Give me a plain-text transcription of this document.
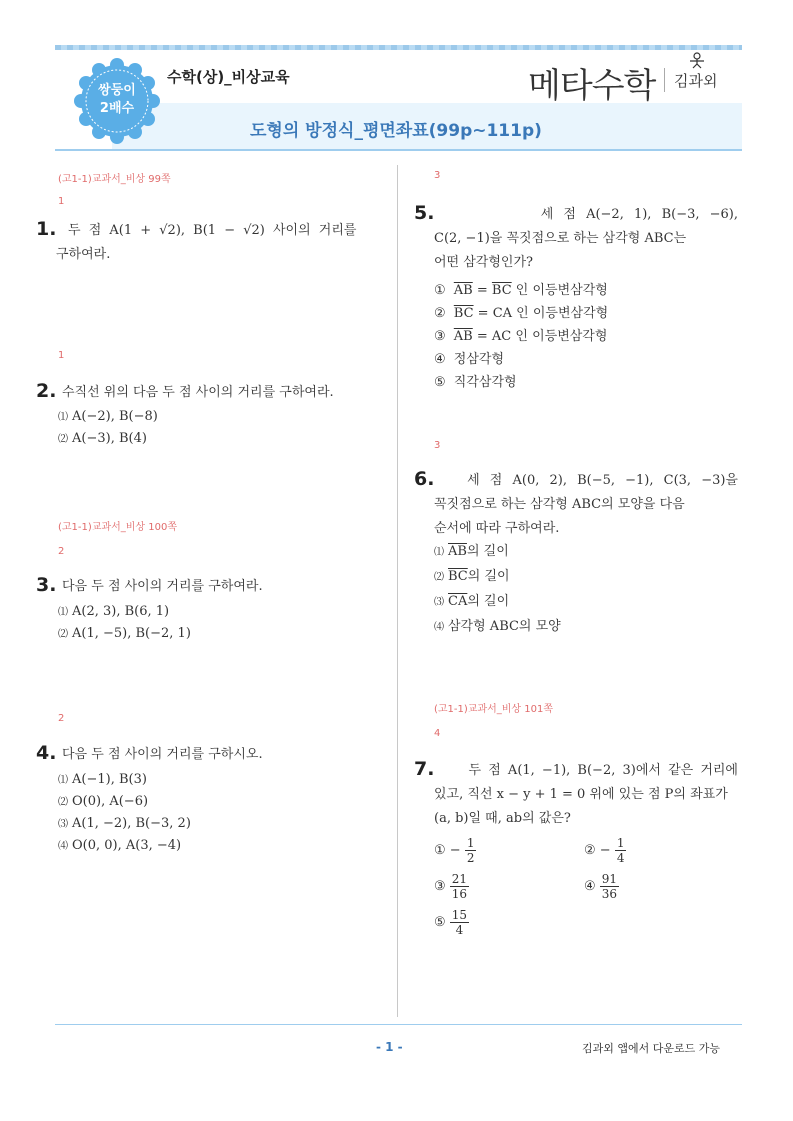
쌍둥이
2배수
수학(상)_비상교육
도형의 방정식_평면좌표(99p~111p)
메타수학 김과외
(고1-1)교과서_비상 99쪽
1
1. 두 점 A(1 + √2), B(1 − √2) 사이의 거리를
구하여라.
1
2. 수직선 위의 다음 두 점 사이의 거리를 구하여라.
⑴ A(−2), B(−8)
⑵ A(−3), B(4)
(고1-1)교과서_비상 100쪽
2
3. 다음 두 점 사이의 거리를 구하여라.
⑴ A(2, 3), B(6, 1)
⑵ A(1, −5), B(−2, 1)
2
4. 다음 두 점 사이의 거리를 구하시오.
⑴ A(−1), B(3)
⑵ O(0), A(−6)
⑶ A(1, −2), B(−3, 2)
⑷ O(0, 0), A(3, −4)
3
5.	세 점 A(−2, 1), B(−3, −6),
C(2, −1)을 꼭짓점으로 하는 삼각형 ABC는
어떤 삼각형인가?
① $\overline{AB} = \overline{BC}$ 인 이등변삼각형
② $\overline{BC}$ = CA 인 이등변삼각형
③ $\overline{AB}$ = AC 인 이등변삼각형
④ 정삼각형
⑤ 직각삼각형
3
6.	세 점 A(0, 2), B(−5, −1), C(3, −3)을
꼭짓점으로 하는 삼각형 ABC의 모양을 다음
순서에 따라 구하여라.
⑴ $\overline{AB}$의 길이
⑵ $\overline{BC}$의 길이
⑶ $\overline{CA}$의 길이
⑷ 삼각형 ABC의 모양
(고1-1)교과서_비상 101쪽
4
7.	두 점 A(1, −1), B(−2, 3)에서 같은 거리에
있고, 직선 x − y + 1 = 0 위에 있는 점 P의 좌표가
(a, b)일 때, ab의 값은?
① − $\frac{1}{2}$	② − $\frac{1}{4}$
③ $\frac{21}{16}$	④ $\frac{91}{36}$
⑤ $\frac{15}{4}$
- 1 -	김과외 앱에서 다운로드 가능
